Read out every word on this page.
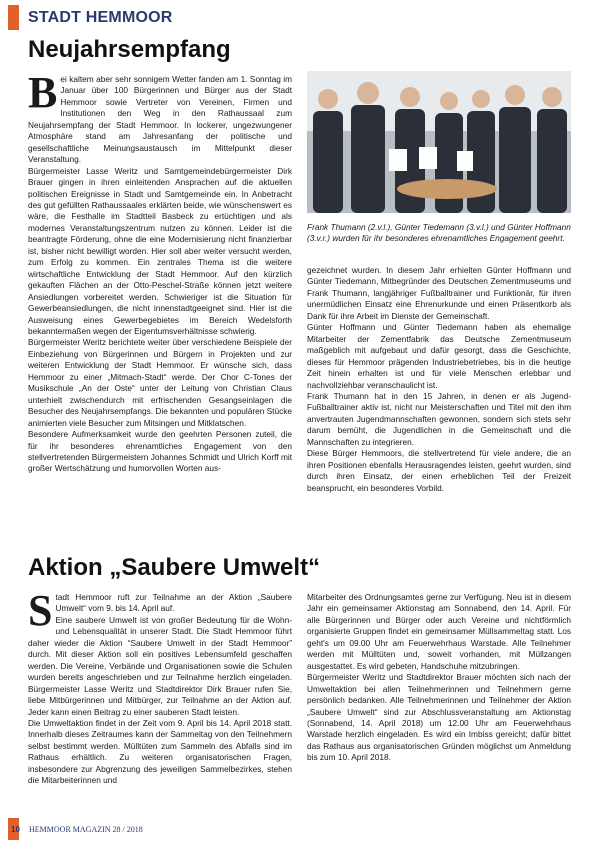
STADT HEMMOOR
Neujahrsempfang

Bei kaltem aber sehr sonnigem Wetter fanden am 1. Sonntag im Januar über 100 Bürgerinnen und Bürger aus der Stadt Hemmoor sowie Vertreter von Vereinen, Firmen und Institutionen den Weg in den Rathaussaal zum Neujahrsempfang der Stadt Hemmoor. In lockerer, ungezwungener Atmosphäre stand am Jahresanfang der politische und gesellschaftliche Meinungsaustausch im Mittelpunkt dieser Veranstaltung.

Bürgermeister Lasse Weritz und Samtgemeindebürgermeister Dirk Brauer gingen in ihren einleitenden Ansprachen auf die aktuellen politischen Ereignisse in Stadt und Samtgemeinde ein. In Anbetracht des gut gefüllten Rathaussaales erklärten beide, wie wünschenswert es wäre, die Festhalle im Stadtteil Basbeck zu ertüchtigen und als modernes Veranstaltungszentrum nutzen zu können. Leider ist die beantragte Förderung, ohne die eine Modernisierung nicht finanzierbar ist, bisher nicht bewilligt worden. Hier soll aber weiter versucht werden, zum Erfolg zu kommen. Ein zentrales Thema ist die weitere wirtschaftliche Entwicklung der Stadt Hemmoor. Auf den kürzlich gekauften Flächen an der Otto-Peschel-Straße können jetzt weitere Ansiedlungen vorbereitet werden. Schwieriger ist die Situation für Gewerbeansiedlungen, die nicht innenstadtgeeignet sind. Hier ist die Ausweisung eines Gewerbegebietes im Bereich Wedelsforth bekanntermaßen wegen der Eigentumsverhältnisse schwierig.

Bürgermeister Weritz berichtete weiter über verschiedene Beispiele der Einbeziehung von Bürgerinnen und Bürgern in Projekten und zur weiteren Entwicklung der Stadt Hemmoor. Er wünsche sich, dass Hemmoor zu einer „Mitmach-Stadt“ werde. Der Chor C-Tones der Musikschule „An der Oste“ unter der Leitung von Christian Claus unterhielt zwischendurch mit erfrischenden Gesangseinlagen die Besucher des Neujahrsempfangs. Die bekannten und populären Stücke animierten viele Besucher zum Mitsingen und Mitklatschen.

Besondere Aufmerksamkeit wurde den geehrten Personen zuteil, die für ihr besonderes ehrenamtliches Engagement von den stellvertretenden Bürgermeistern Johannes Schmidt und Ulrich Korff mit großer Wertschätzung und humorvollen Worten aus-

Frank Thumann (2.v.l.), Günter Tiedemann (3.v.l.) und Günter Hoffmann (3.v.r.) wurden für ihr besonderes ehrenamtliches Engagement geehrt.

gezeichnet wurden. In diesem Jahr erhielten Günter Hoffmann und Günter Tiedemann, Mitbegründer des Deutschen Zementmuseums und Frank Thumann, langjähriger Fußballtrainer und Funktionär, für ihren unermüdlichen Einsatz eine Ehrenurkunde und einen Präsentkorb als Dank für ihre Arbeit im Dienste der Gemeinschaft.

Günter Hoffmann und Günter Tiedemann haben als ehemalige Mitarbeiter der Zementfabrik das Deutsche Zementmuseum maßgeblich mit aufgebaut und dafür gesorgt, dass die Geschichte, dieses für Hemmoor prägenden Industriebetriebes, bis in die heutige Zeit hinein erhalten ist und für viele Menschen erlebbar und nachvollziehbar veranschaulicht ist.

Frank Thumann hat in den 15 Jahren, in denen er als Jugend-Fußballtrainer aktiv ist, nicht nur Meisterschaften und Titel mit den ihm anvertrauten Jugendmannschaften gewonnen, sondern sich stets sehr darum bemüht, die Jugendlichen in die Gemeinschaft und die Mannschaften zu integrieren.

Diese Bürger Hemmoors, die stellvertretend für viele andere, die an ihren Positionen ebenfalls Herausragendes leisten, geehrt wurden, sind durch ihren Einsatz, der einen erheblichen Teil der Freizeit beansprucht, ein besonderes Vorbild.

Aktion „Saubere Umwelt“

Stadt Hemmoor ruft zur Teilnahme an der Aktion „Saubere Umwelt“ vom 9. bis 14. April auf.

Eine saubere Umwelt ist von großer Bedeutung für die Wohn- und Lebensqualität in unserer Stadt. Die Stadt Hemmoor führt daher wieder die Aktion “Saubere Umwelt in der Stadt Hemmoor” durch. Mit dieser Aktion soll ein positives Lebensumfeld geschaffen werden. Die Vereine, Verbände und Organisationen sowie die Schulen wurden bereits angeschrieben und zur Teilnahme herzlich eingeladen. Bürgermeister Lasse Weritz und Stadtdirektor Dirk Brauer rufen Sie, liebe Mitbürgerinnen und Mitbürger, zur Teilnahme an der Aktion auf. Jeder kann einen Beitrag zu einer sauberen Stadt leisten.

Die Umweltaktion findet in der Zeit vom 9. April bis 14. April 2018 statt. Innerhalb dieses Zeitraumes kann der Sammeltag von den Teilnehmern selbst bestimmt werden. Mülltüten zum Sammeln des Abfalls sind im Rathaus erhältlich. Zu weiteren organisatorischen Fragen, insbesondere zur Abgrenzung des jeweiligen Sammelbezirkes, stehen die Mitarbeiterinnen und

Mitarbeiter des Ordnungsamtes gerne zur Verfügung. Neu ist in diesem Jahr ein gemeinsamer Aktionstag am Sonnabend, den 14. April. Für alle Bürgerinnen und Bürger oder auch Vereine und nichtförmlich organisierte Gruppen findet ein gemeinsamer Müllsammeltag statt. Los geht's um 09.00 Uhr am Feuerwehrhaus Warstade. Alle Teilnehmer werden mit Mülltüten und, soweit vorhanden, mit Müllzangen ausgestattet. Es wird gebeten, Handschuhe mitzubringen.

Bürgermeister Weritz und Stadtdirektor Brauer möchten sich nach der Umweltaktion bei allen Teilnehmerinnen und Teilnehmern gerne persönlich bedanken. Alle Teilnehmerinnen und Teilnehmer der Aktion „Saubere Umwelt“ sind zur Abschlussveranstaltung am Aktionstag (Sonnabend, 14. April 2018) um 12.00 Uhr am Feuerwehrhaus Warstade herzlich eingeladen. Es wird ein Imbiss gereicht; dafür bittet das Rathaus aus organisatorischen Gründen möglichst um Anmeldung bis zum 10. April 2018.

10 HEMMOOR MAGAZIN 28 / 2018
